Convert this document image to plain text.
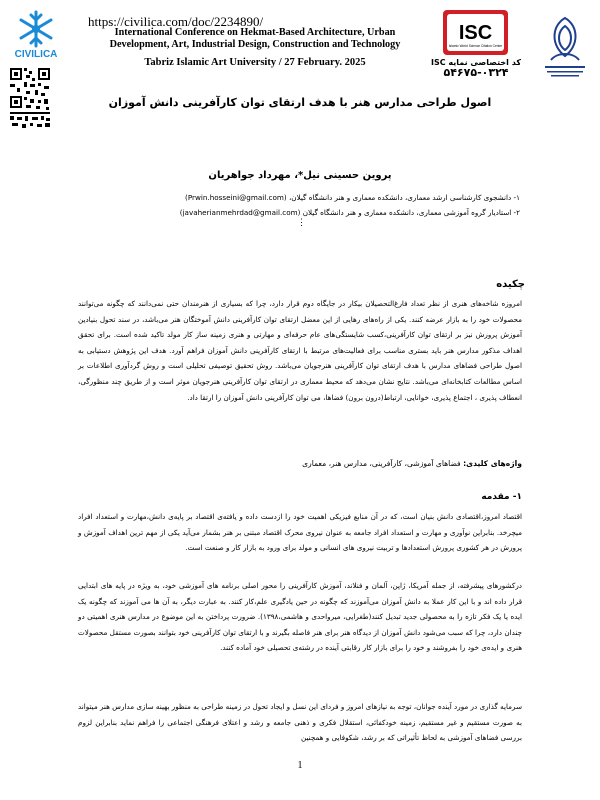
CIVILICA
https://civilica.com/doc/2234890/
International Conference on Hekmat-Based Architecture, Urban
Development, Art, Industrial Design, Construction and Technology
Tabriz Islamic Art University / 27 February. 2025
ISC
Islamic World Science Citation Center
کد اختصاصی نمایه ISC
۵۴۶۷۵-۰۳۲۴
اصول طراحی مدارس هنر با هدف ارتقای توان کارآفرینی دانش آموزان
پروین حسینی نیل*، مهرداد جواهریان
۱- دانشجوی کارشناسی ارشد معماری، دانشکده معماری و هنر دانشگاه گیلان، (Prwin.hosseini@gmail.com)
۲- استادیار گروه آموزشی معماری، دانشکده معماری و هنر دانشگاه گیلان (javaherianmehrdad@gmail.com)
⋮
چکیده

امروزه شاخه‌های هنری از نظر تعداد فارغ‌التحصیلان بیکار در جایگاه دوم قرار دارد، چرا که بسیاری از هنرمندان حتی نمی‌دانند که چگونه می‌توانند محصولات خود را به بازار عرضه کنند. یکی از راه‌های رهایی از این معضل ارتقای توان کارآفرینی دانش آموختگان هنر می‌باشد، در سند تحول بنیادین آموزش پرورش نیز بر ارتقای توان کارآفرینی،کسب شایستگی‌های عام حرفه‌ای و مهارتی و هنری زمینه ساز کار مولد تاکید شده است. برای تحقق اهداف مذکور مدارس هنر باید بستری مناسب برای فعالیت‌های مرتبط با ارتقای کارآفرینی دانش آموزان فراهم آورد. هدف این پژوهش دستیابی به اصول طراحی فضاهای مدارس با هدف ارتقای توان کارآفرینی هنرجویان می‌باشد. روش تحقیق توصیفی تحلیلی است و روش گردآوری اطلاعات بر اساس مطالعات کتابخانه‌ای می‌باشد. نتایج نشان می‌دهد که محیط معماری در ارتقای توان کارآفرینی هنرجویان موثر است و از طریق چند منظورگی، انعطاف پذیری ، اجتماع پذیری، خوانایی، ارتباط(درون برون) فضاها، می توان کارآفرینی دانش آموزان را ارتقا داد.

واژه‌های کلیدی: فضاهای آموزشی، کارآفرینی، مدارس هنر، معماری
۱- مقدمه

اقتصاد امروز،اقتصادی دانش بنیان است، که در آن منابع فیزیکی اهمیت خود را ازدست داده و یافته‌ی اقتصاد بر پایه‌ی دانش،مهارت و استعداد افراد میچرخد. بنابراین نوآوری و مهارت و استعداد افراد جامعه به عنوان نیروی محرک اقتصاد مبتنی بر هنر بشمار می‌آید یکی از مهم ترین اهداف آموزش و پرورش در هر کشوری پرورش استعدادها و تربیت نیروی های انسانی و مولد برای ورود به بازار کار و صنعت است.

درکشورهای پیشرفته، از جمله آمریکا، ژاپن، آلمان و فنلاند، آموزش کارآفرینی را محور اصلی برنامه های آموزشی خود، به ویژه در پایه های ابتدایی قرار داده اند و با این کار عملا به دانش آموزان می‌آموزند که چگونه در حین یادگیری علم،کار کنند. به عبارت دیگر، به آن ها می آموزند که چگونه یک ایده یا یک فکر تازه را به محصولی جدید تبدیل کنند(طغرایی، میرواحدی و هاشمی،۱۳۹۸). ضرورت پرداختن به این موضوع در مدارس هنری اهمیتی دو چندان دارد، چرا که سبب می‌شود دانش آموزان از دیدگاه هنر برای هنر فاصله بگیرند و با ارتقای توان کارآفرینی خود بتوانند بصورت مستقل محصولات هنری و ایده‌ی خود را بفروشند و خود را برای بازار کار رقابتی آینده در رشته‌ی تحصیلی خود آماده کنند.

سرمایه گذاری در مورد آینده جوانان، توجه به نیازهای امروز و فردای این نسل و ایجاد تحول در زمینه طراحی به منظور بهینه سازی مدارس هنر میتواند به صورت مستقیم و غیر مستقیم، زمینه خودکفائی، استقلال فکری و ذهنی جامعه و رشد و اعتلای فرهنگی اجتماعی را فراهم نماید بنابراین لزوم بررسی فضاهای آموزشی به لحاظ تأثیراتی که بر رشد، شکوفایی و همچنین

1
